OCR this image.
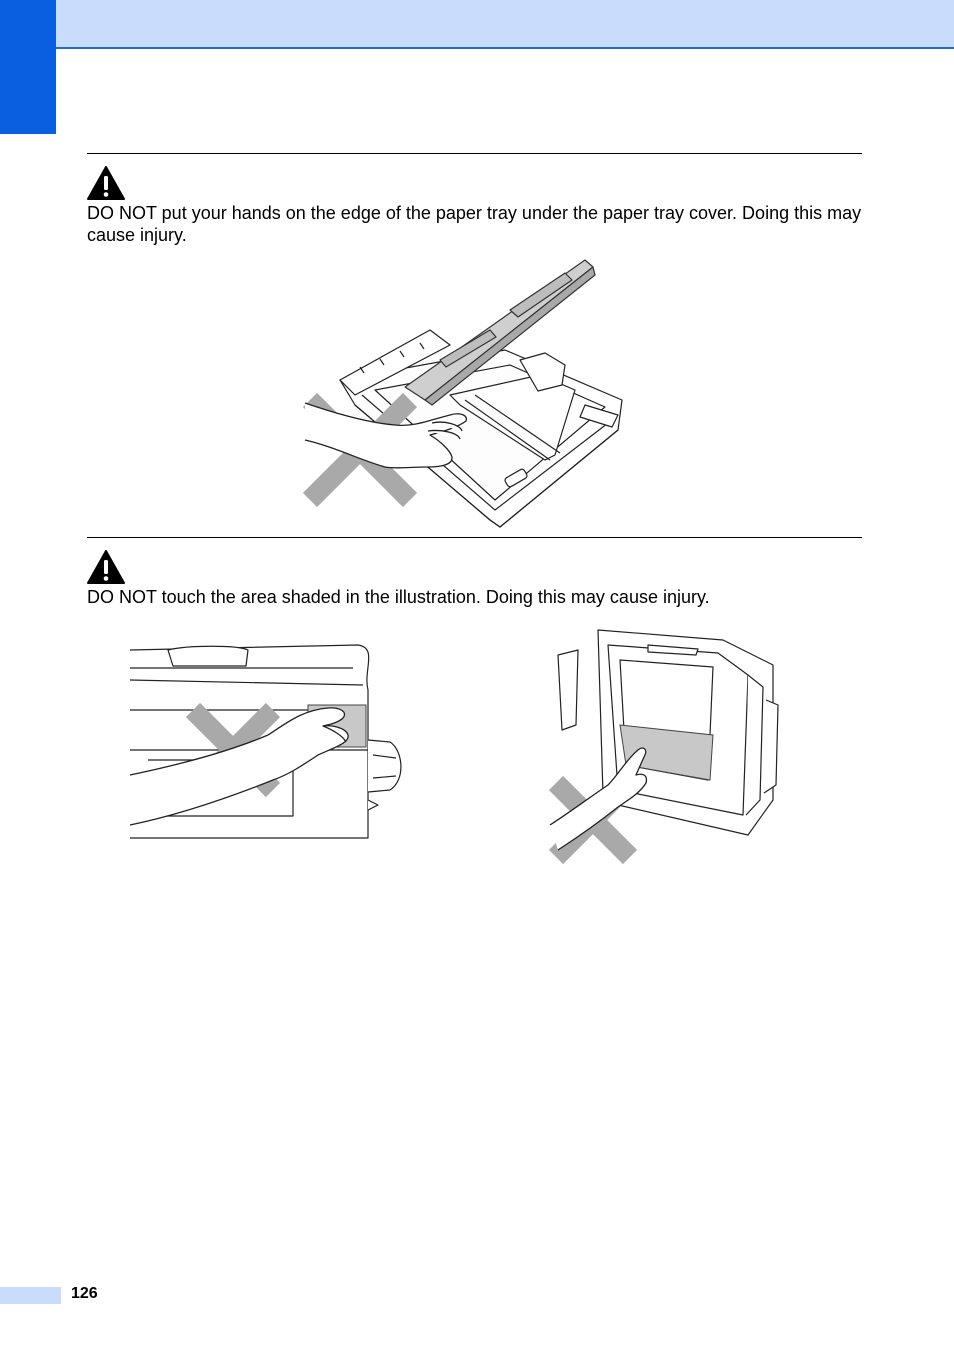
DO NOT put your hands on the edge of the paper tray under the paper tray cover. Doing this may cause injury.
DO NOT touch the area shaded in the illustration. Doing this may cause injury.
126
